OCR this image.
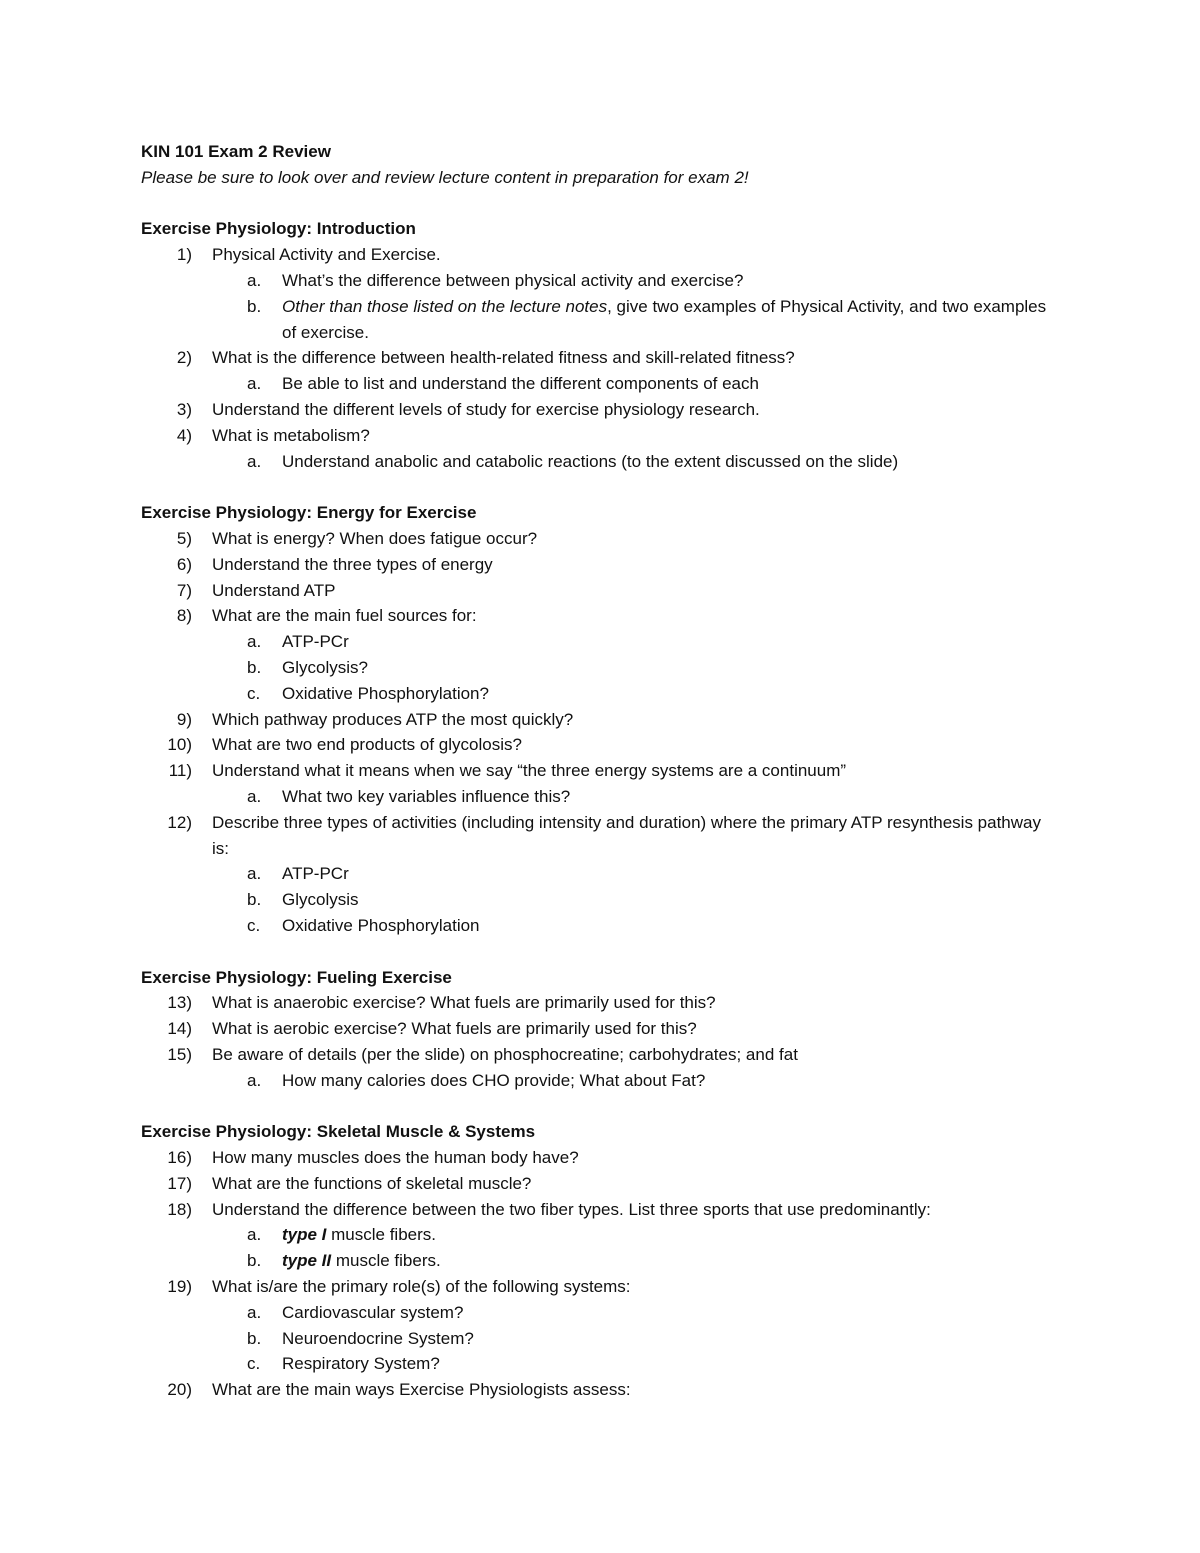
KIN 101 Exam 2 Review
Please be sure to look over and review lecture content in preparation for exam 2!
Exercise Physiology: Introduction
1) Physical Activity and Exercise.
a.	What’s the difference between physical activity and exercise?
b.	Other than those listed on the lecture notes, give two examples of Physical Activity, and two examples of exercise.
2) What is the difference between health-related fitness and skill-related fitness?
a.	Be able to list and understand the different components of each
3) Understand the different levels of study for exercise physiology research.
4) What is metabolism?
a.	Understand anabolic and catabolic reactions (to the extent discussed on the slide)
Exercise Physiology: Energy for Exercise
5) What is energy? When does fatigue occur?
6) Understand the three types of energy
7) Understand ATP
8) What are the main fuel sources for:
a.	ATP-PCr
b.	Glycolysis?
c.	Oxidative Phosphorylation?
9) Which pathway produces ATP the most quickly?
10) What are two end products of glycolosis?
11) Understand what it means when we say “the three energy systems are a continuum”
a.	What two key variables influence this?
12) Describe three types of activities (including intensity and duration) where the primary ATP resynthesis pathway is:
a.	ATP-PCr
b.	Glycolysis
c.	Oxidative Phosphorylation
Exercise Physiology: Fueling Exercise
13) What is anaerobic exercise? What fuels are primarily used for this?
14) What is aerobic exercise? What fuels are primarily used for this?
15) Be aware of details (per the slide) on phosphocreatine; carbohydrates; and fat
a.	How many calories does CHO provide; What about Fat?
Exercise Physiology: Skeletal Muscle & Systems
16) How many muscles does the human body have?
17) What are the functions of skeletal muscle?
18) Understand the difference between the two fiber types. List three sports that use predominantly:
a.	type I muscle fibers.
b.	type II muscle fibers.
19) What is/are the primary role(s) of the following systems:
a.	Cardiovascular system?
b.	Neuroendocrine System?
c.	Respiratory System?
20) What are the main ways Exercise Physiologists assess:
